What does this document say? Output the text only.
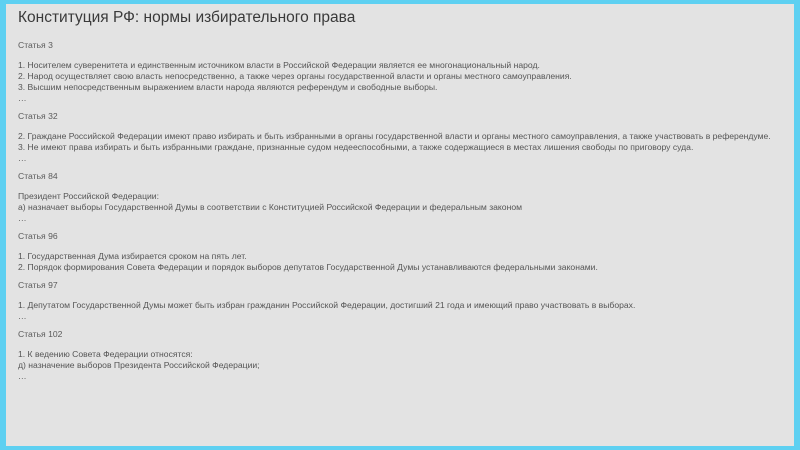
Конституция РФ: нормы избирательного права
Статья 3
1. Носителем суверенитета и единственным источником власти в Российской Федерации является ее многонациональный народ.
2. Народ осуществляет свою власть непосредственно, а также через органы государственной власти и органы местного самоуправления.
3. Высшим непосредственным выражением власти народа являются референдум и свободные выборы.
…
Статья 32
2. Граждане Российской Федерации имеют право избирать и быть избранными в органы государственной власти и органы местного самоуправления, а также участвовать в референдуме.
3. Не имеют права избирать и быть избранными граждане, признанные судом недееспособными, а также содержащиеся в местах лишения свободы по приговору суда.
…
Статья 84
Президент Российской Федерации:
а) назначает выборы Государственной Думы в соответствии с Конституцией Российской Федерации и федеральным законом
…
Статья 96
1. Государственная Дума избирается сроком на пять лет.
2. Порядок формирования Совета Федерации и порядок выборов депутатов Государственной Думы устанавливаются федеральными законами.
Статья 97
1. Депутатом Государственной Думы может быть избран гражданин Российской Федерации, достигший 21 года и имеющий право участвовать в выборах.
…
Статья 102
1. К ведению Совета Федерации относятся:
д) назначение выборов Президента Российской Федерации;
…
